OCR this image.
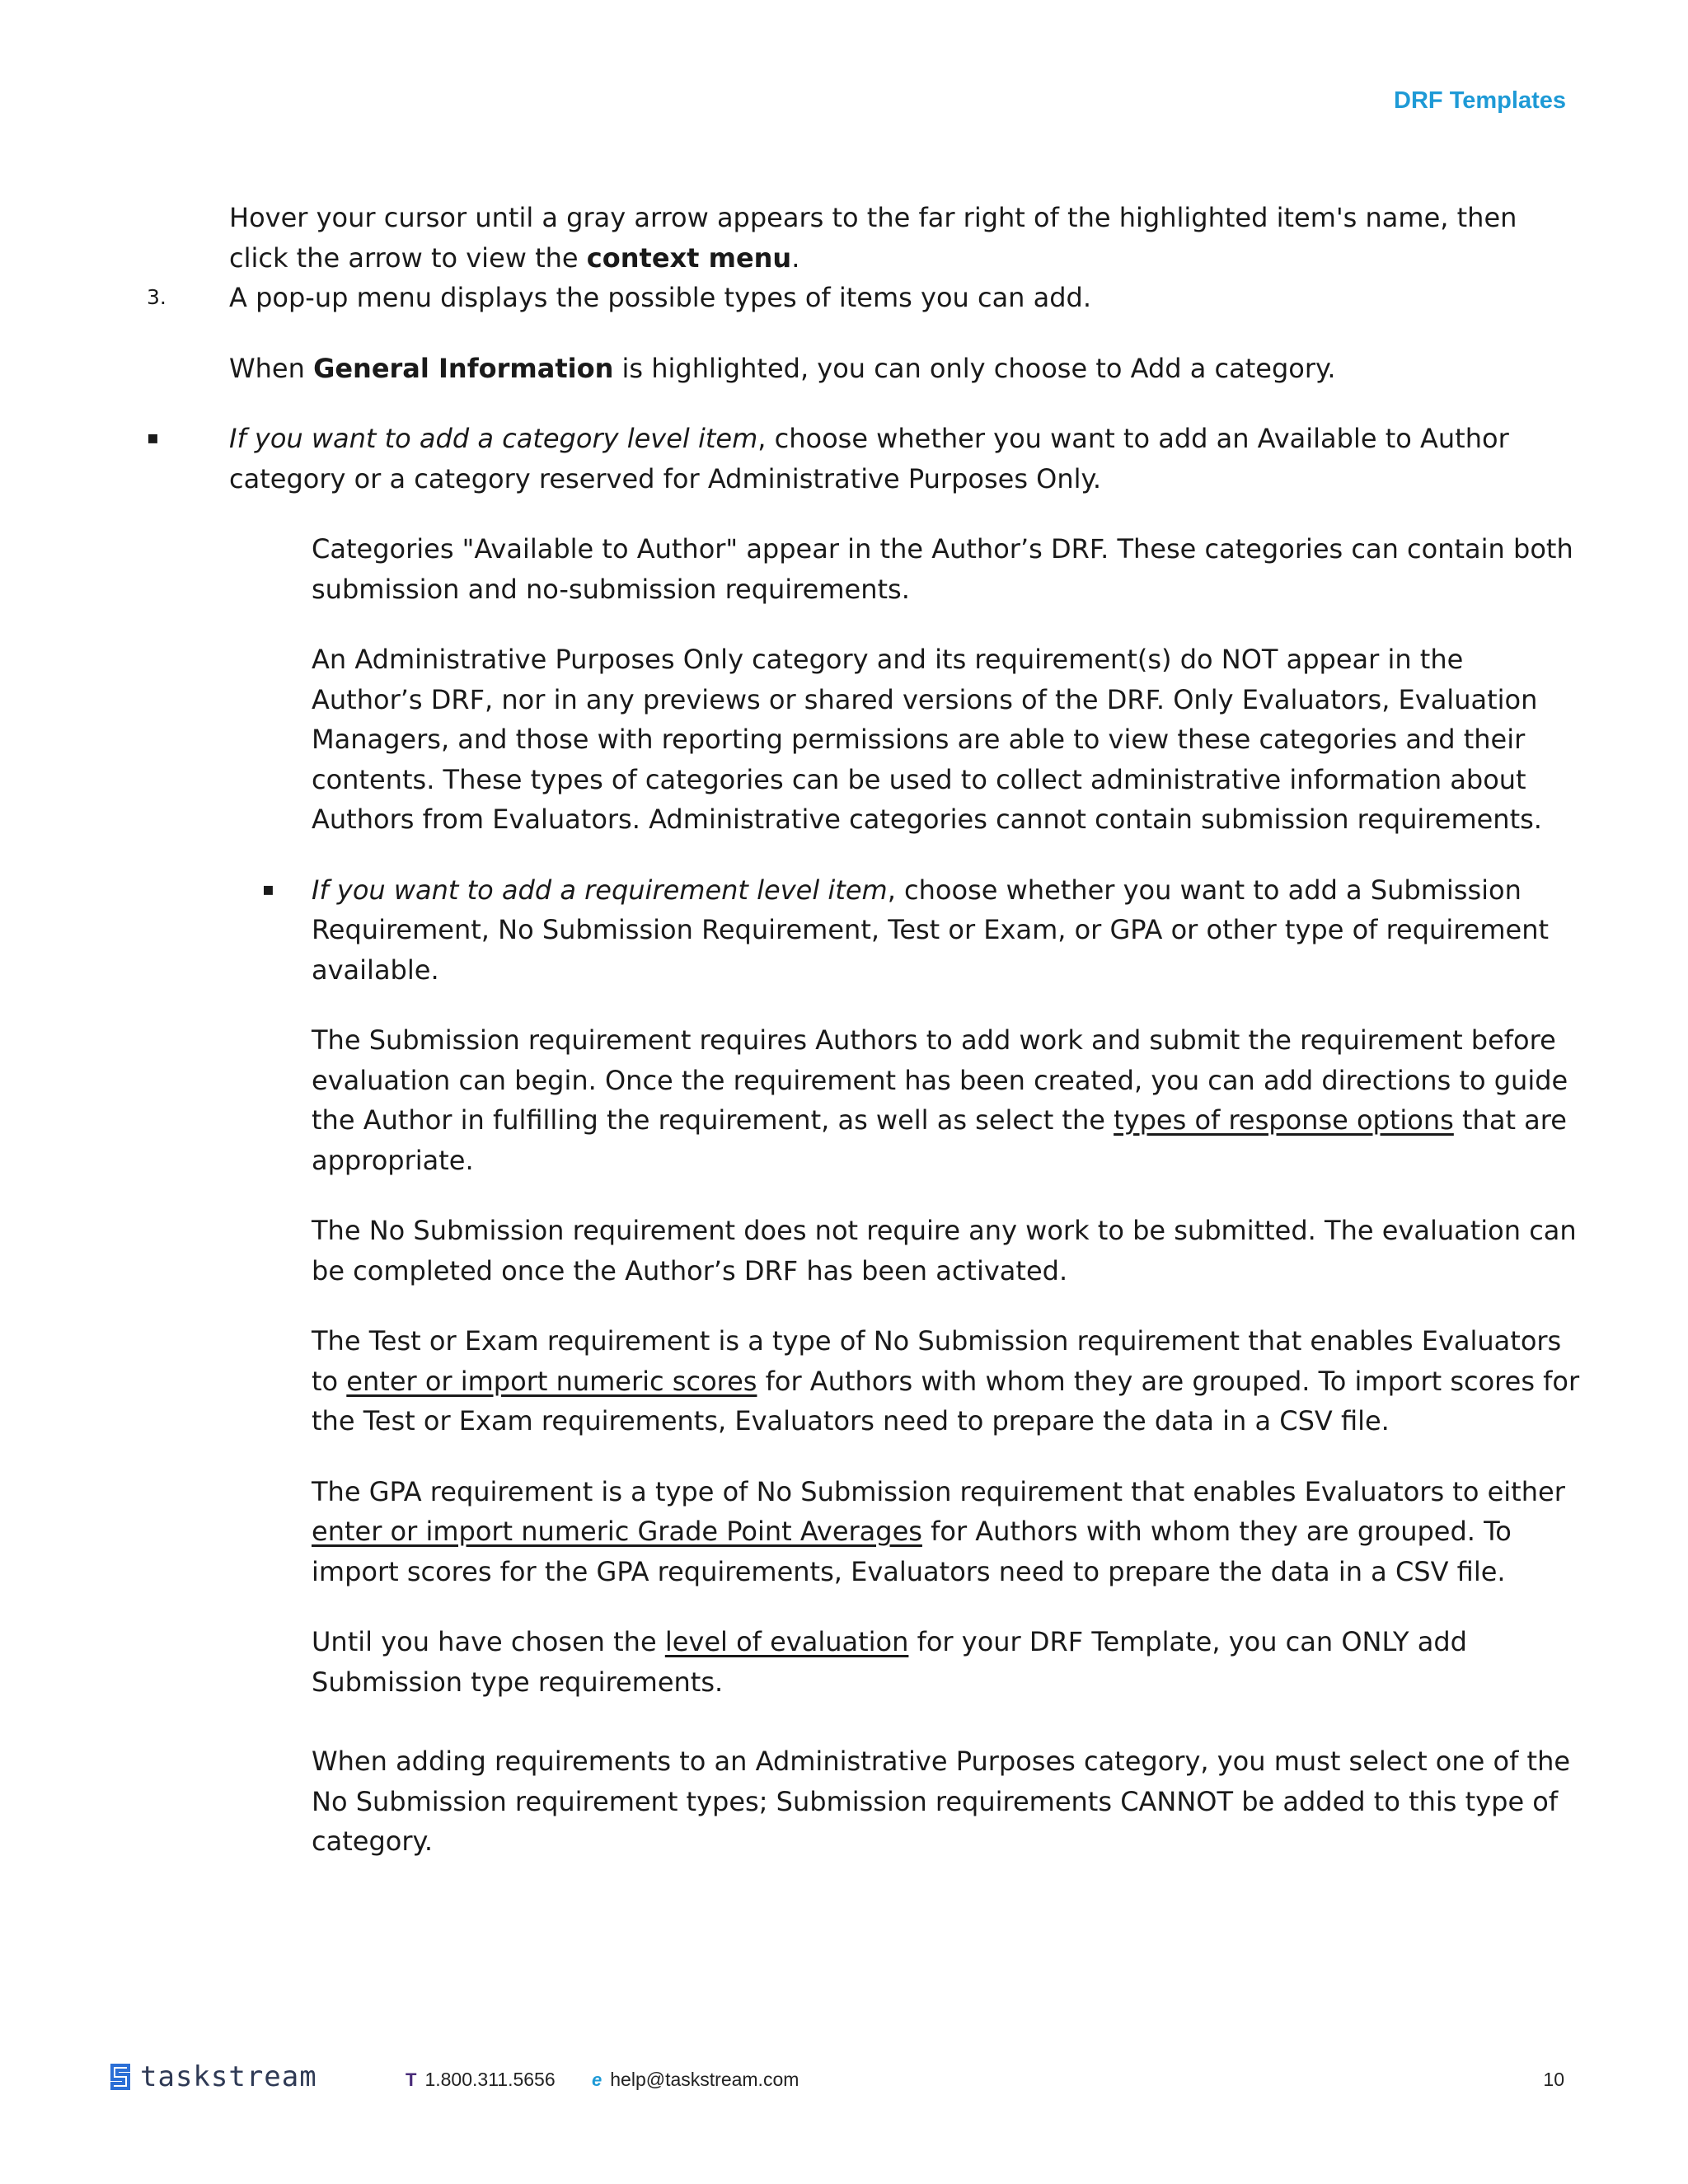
DRF Templates

Hover your cursor until a gray arrow appears to the far right of the highlighted item's name, then click the arrow to view the context menu.

3.	A pop-up menu displays the possible types of items you can add.

When General Information is highlighted, you can only choose to Add a category.

▪	If you want to add a category level item, choose whether you want to add an Available to Author category or a category reserved for Administrative Purposes Only.

Categories "Available to Author" appear in the Author’s DRF. These categories can contain both submission and no-submission requirements.

An Administrative Purposes Only category and its requirement(s) do NOT appear in the Author’s DRF, nor in any previews or shared versions of the DRF. Only Evaluators, Evaluation Managers, and those with reporting permissions are able to view these categories and their contents. These types of categories can be used to collect administrative information about Authors from Evaluators. Administrative categories cannot contain submission requirements.

▪	If you want to add a requirement level item, choose whether you want to add a Submission Requirement, No Submission Requirement, Test or Exam, or GPA or other type of requirement available.

The Submission requirement requires Authors to add work and submit the requirement before evaluation can begin. Once the requirement has been created, you can add directions to guide the Author in fulfilling the requirement, as well as select the types of response options that are appropriate.

The No Submission requirement does not require any work to be submitted. The evaluation can be completed once the Author’s DRF has been activated.

The Test or Exam requirement is a type of No Submission requirement that enables Evaluators to enter or import numeric scores for Authors with whom they are grouped. To import scores for the Test or Exam requirements, Evaluators need to prepare the data in a CSV file.

The GPA requirement is a type of No Submission requirement that enables Evaluators to either enter or import numeric Grade Point Averages for Authors with whom they are grouped. To import scores for the GPA requirements, Evaluators need to prepare the data in a CSV file.

Until you have chosen the level of evaluation for your DRF Template, you can ONLY add Submission type requirements.

When adding requirements to an Administrative Purposes category, you must select one of the No Submission requirement types; Submission requirements CANNOT be added to this type of category.

taskstream	T 1.800.311.5656 e help@taskstream.com	10
